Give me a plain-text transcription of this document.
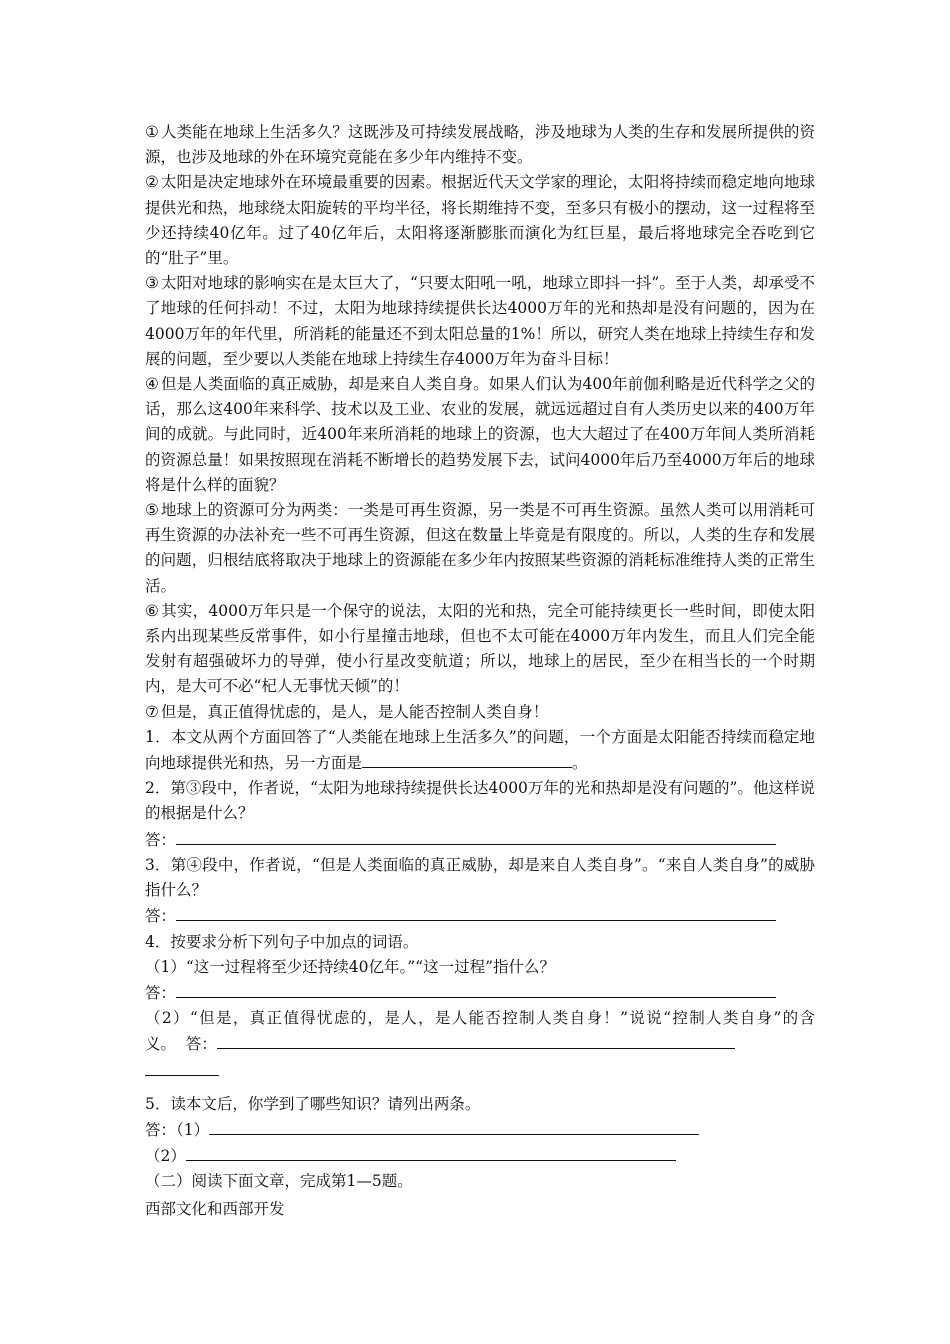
① 人类能在地球上生活多久？这既涉及可持续发展战略，涉及地球为人类的生存和发展所提供的资源，也涉及地球的外在环境究竟能在多少年内维持不变。

② 太阳是决定地球外在环境最重要的因素。根据近代天文学家的理论，太阳将持续而稳定地向地球提供光和热，地球绕太阳旋转的平均半径，将长期维持不变，至多只有极小的摆动，这一过程将至少还持续40亿年。过了40亿年后，太阳将逐渐膨胀而演化为红巨星，最后将地球完全吞吃到它的“肚子”里。

③ 太阳对地球的影响实在是太巨大了，“只要太阳吼一吼，地球立即抖一抖”。至于人类，却承受不了地球的任何抖动！不过，太阳为地球持续提供长达4000万年的光和热却是没有问题的，因为在4000万年的年代里，所消耗的能量还不到太阳总量的1%！所以，研究人类在地球上持续生存和发展的问题，至少要以人类能在地球上持续生存4000万年为奋斗目标！

④ 但是人类面临的真正威胁，却是来自人类自身。如果人们认为400年前伽利略是近代科学之父的话，那么这400年来科学、技术以及工业、农业的发展，就远远超过自有人类历史以来的400万年间的成就。与此同时，近400年来所消耗的地球上的资源，也大大超过了在400万年间人类所消耗的资源总量！如果按照现在消耗不断增长的趋势发展下去，试问4000年后乃至4000万年后的地球将是什么样的面貌？

⑤ 地球上的资源可分为两类：一类是可再生资源，另一类是不可再生资源。虽然人类可以用消耗可再生资源的办法补充一些不可再生资源，但这在数量上毕竟是有限度的。所以，人类的生存和发展的问题，归根结底将取决于地球上的资源能在多少年内按照某些资源的消耗标准维持人类的正常生活。

⑥ 其实，4000万年只是一个保守的说法，太阳的光和热，完全可能持续更长一些时间，即使太阳系内出现某些反常事件，如小行星撞击地球，但也不太可能在4000万年内发生，而且人们完全能发射有超强破坏力的导弹，使小行星改变航道；所以，地球上的居民，至少在相当长的一个时期内，是大可不必“杞人无事忧天倾”的！

⑦ 但是，真正值得忧虑的，是人，是人能否控制人类自身！

1．本文从两个方面回答了“人类能在地球上生活多久”的问题，一个方面是太阳能否持续而稳定地向地球提供光和热，另一方面是	。

2．第③段中，作者说，“太阳为地球持续提供长达4000万年的光和热却是没有问题的”。他这样说的根据是什么？

答：

3．第④段中，作者说，“但是人类面临的真正威胁，却是来自人类自身”。“来自人类自身”的威胁指什么？

答：

4．按要求分析下列句子中加点的词语。

（1）“这一过程将至少还持续40亿年。”“这一过程”指什么？

答：

（2）“但是，真正值得忧虑的，是人，是人能否控制人类自身！”说说“控制人类自身”的含义。 答：

5．读本文后，你学到了哪些知识？请列出两条。

答：（1）

（2）

（二）阅读下面文章，完成第1—5题。

西部文化和西部开发
